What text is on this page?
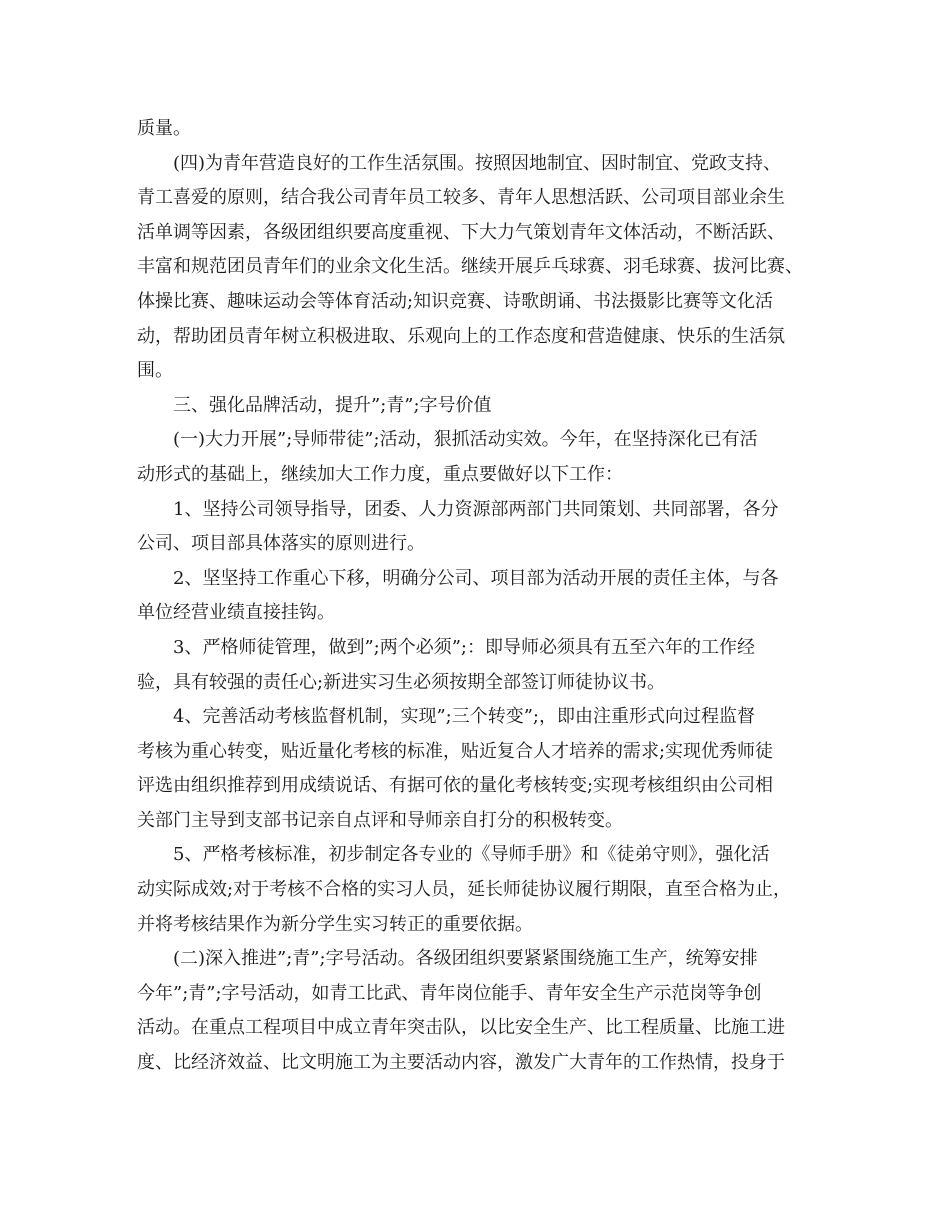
质量。
(四)为青年营造良好的工作生活氛围。按照因地制宜、因时制宜、党政支持、
青工喜爱的原则，结合我公司青年员工较多、青年人思想活跃、公司项目部业余生
活单调等因素，各级团组织要高度重视、下大力气策划青年文体活动，不断活跃、
丰富和规范团员青年们的业余文化生活。继续开展乒乓球赛、羽毛球赛、拔河比赛、
体操比赛、趣味运动会等体育活动;知识竞赛、诗歌朗诵、书法摄影比赛等文化活
动，帮助团员青年树立积极进取、乐观向上的工作态度和营造健康、快乐的生活氛
围。
三、强化品牌活动，提升”;青”;字号价值
(一)大力开展”;导师带徒”;活动，狠抓活动实效。今年，在坚持深化已有活
动形式的基础上，继续加大工作力度，重点要做好以下工作：
1、坚持公司领导指导，团委、人力资源部两部门共同策划、共同部署，各分
公司、项目部具体落实的原则进行。
2、坚坚持工作重心下移，明确分公司、项目部为活动开展的责任主体，与各
单位经营业绩直接挂钩。
3、严格师徒管理，做到”;两个必须”;：即导师必须具有五至六年的工作经
验，具有较强的责任心;新进实习生必须按期全部签订师徒协议书。
4、完善活动考核监督机制，实现”;三个转变”;，即由注重形式向过程监督
考核为重心转变，贴近量化考核的标准，贴近复合人才培养的需求;实现优秀师徒
评选由组织推荐到用成绩说话、有据可依的量化考核转变;实现考核组织由公司相
关部门主导到支部书记亲自点评和导师亲自打分的积极转变。
5、严格考核标准，初步制定各专业的《导师手册》和《徒弟守则》，强化活
动实际成效;对于考核不合格的实习人员，延长师徒协议履行期限，直至合格为止，
并将考核结果作为新分学生实习转正的重要依据。
(二)深入推进”;青”;字号活动。各级团组织要紧紧围绕施工生产，统筹安排
今年”;青”;字号活动，如青工比武、青年岗位能手、青年安全生产示范岗等争创
活动。在重点工程项目中成立青年突击队，以比安全生产、比工程质量、比施工进
度、比经济效益、比文明施工为主要活动内容，激发广大青年的工作热情，投身于
